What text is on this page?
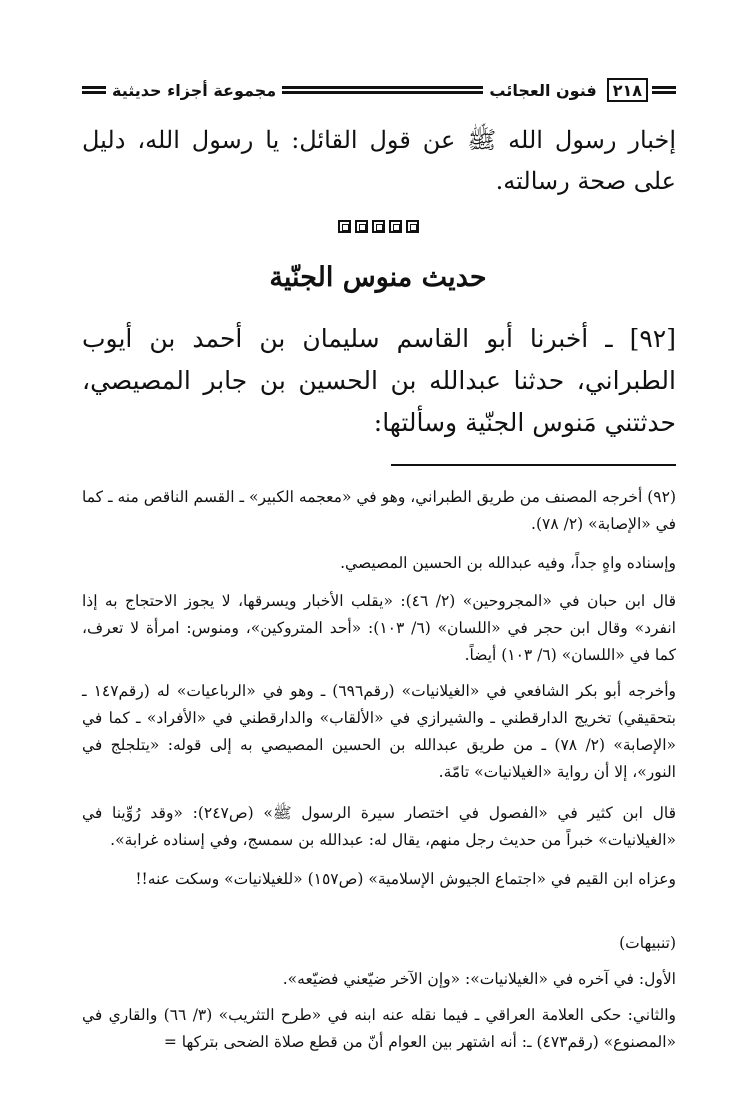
٢١٨
فنون العجائب
مجموعة أجزاء حديثية
إخبار رسول الله ﷺ عن قول القائل: يا رسول الله، دليل على صحة رسالته.
حديث منوس الجنّية
[٩٢] ـ أخبرنا أبو القاسم سليمان بن أحمد بن أيوب الطبراني، حدثنا عبدالله بن الحسين بن جابر المصيصي، حدثتني مَنوس الجنّية وسألتها:
(٩٢) أخرجه المصنف من طريق الطبراني، وهو في «معجمه الكبير» ـ القسم الناقص منه ـ كما في «الإصابة» (٢/ ٧٨).
وإسناده واهٍ جداً، وفيه عبدالله بن الحسين المصيصي.
قال ابن حبان في «المجروحين» (٢/ ٤٦): «يقلب الأخبار ويسرقها، لا يجوز الاحتجاج به إذا انفرد» وقال ابن حجر في «اللسان» (٦/ ١٠٣): «أحد المتروكين»، ومنوس: امرأة لا تعرف، كما في «اللسان» (٦/ ١٠٣) أيضاً.
وأخرجه أبو بكر الشافعي في «الغيلانيات» (رقم٦٩٦) ـ وهو في «الرباعيات» له (رقم١٤٧ ـ بتحقيقي) تخريج الدارقطني ـ والشيرازي في «الألقاب» والدارقطني في «الأفراد» ـ كما في «الإصابة» (٢/ ٧٨) ـ من طريق عبدالله بن الحسين المصيصي به إلى قوله: «يتلجلج في النور»، إلا أن رواية «الغيلانيات» تامّة.
قال ابن كثير في «الفصول في اختصار سيرة الرسول ﷺ» (ص٢٤٧): «وقد رُوِّينا في «الغيلانيات» خبراً من حديث رجل منهم، يقال له: عبدالله بن سمسج، وفي إسناده غرابة».
وعزاه ابن القيم في «اجتماع الجيوش الإسلامية» (ص١٥٧) «للغيلانيات» وسكت عنه!!
(تنبيهات)
الأول: في آخره في «الغيلانيات»: «وإن الآخر ضيّعني فضيّعه».
والثاني: حكى العلامة العراقي ـ فيما نقله عنه ابنه في «طرح التثريب» (٣/ ٦٦) والقاري في «المصنوع» (رقم٤٧٣) ـ: أنه اشتهر بين العوام أنّ من قطع صلاة الضحى بتركها =
